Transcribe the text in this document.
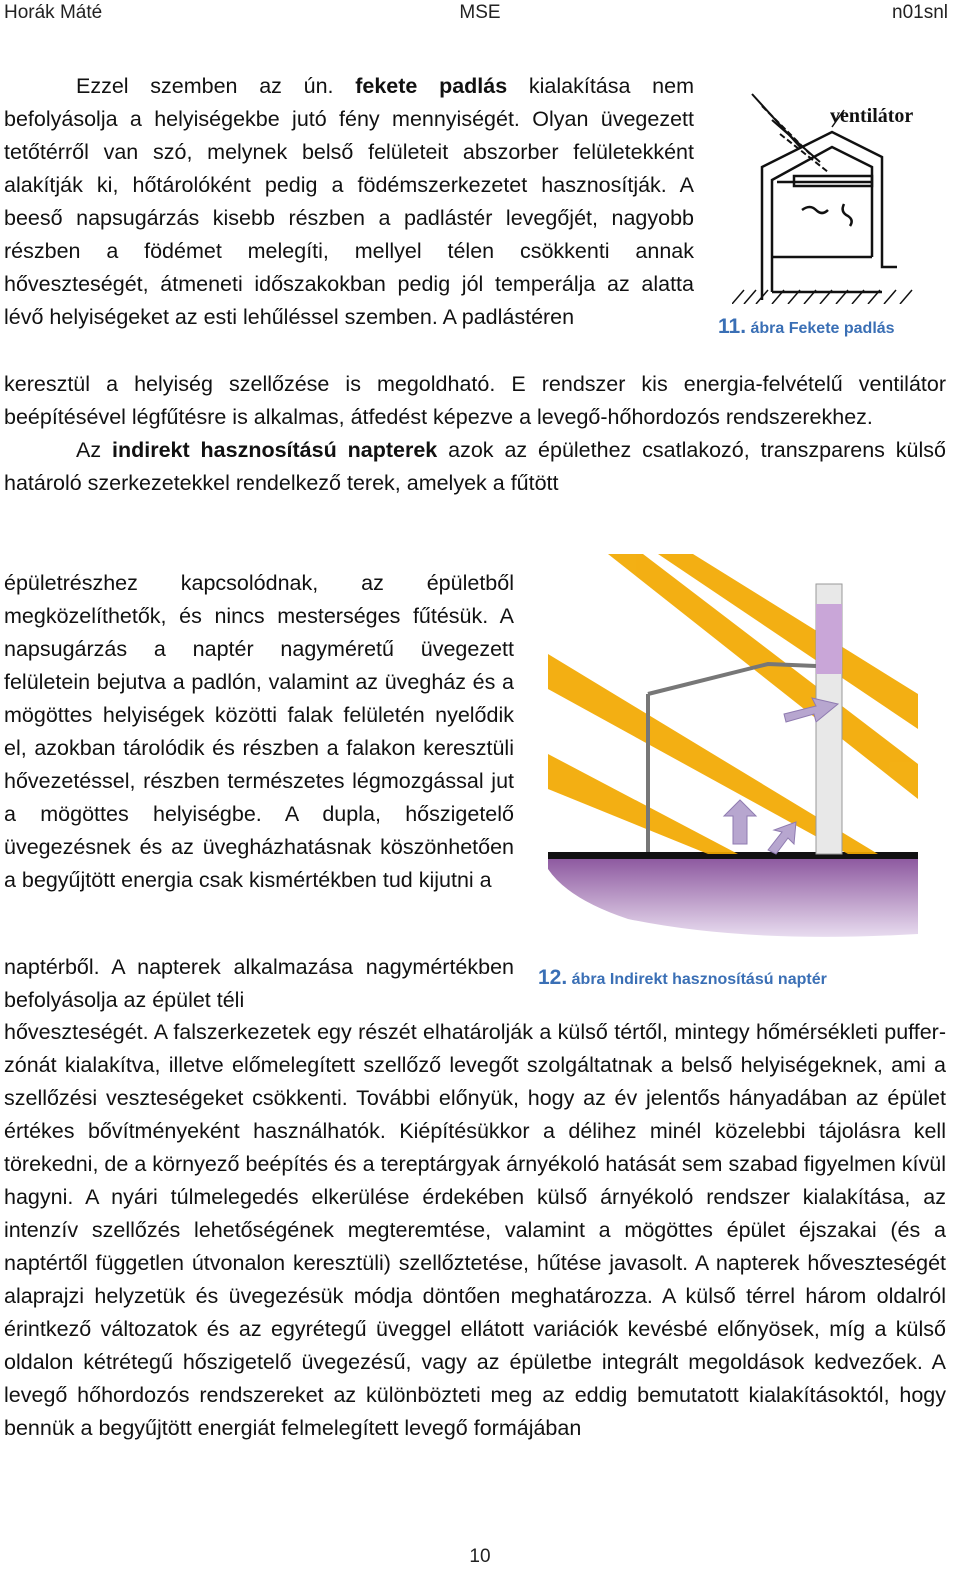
Horák Máté	MSE	n01snl

Ezzel szemben az ún. fekete padlás kialakítása nem befolyásolja a helyiségekbe jutó fény mennyiségét. Olyan üvegezett tetőtérről van szó, melynek belső felületeit abszorber felületekként alakítják ki, hőtárolóként pedig a födémszerkezetet hasznosítják. A beeső napsugárzás kisebb részben a padlástér levegőjét, nagyobb részben a födémet melegíti, mellyel télen csökkenti annak hőveszteségét, átmeneti időszakokban pedig jól temperálja az alatta lévő helyiségeket az esti lehűléssel szemben. A padlástéren

keresztül a helyiség szellőzése is megoldható. E rendszer kis energia-felvételű ventilátor beépítésével légfűtésre is alkalmas, átfedést képezve a levegő-hőhordozós rendszerekhez.

Az indirekt hasznosítású napterek azok az épülethez csatlakozó, transzparens külső határoló szerkezetekkel rendelkező terek, amelyek a fűtött

épületrészhez kapcsolódnak, az épületből megközelíthetők, és nincs mesterséges fűtésük. A napsugárzás a naptér nagyméretű üvegezett felületein bejutva a padlón, valamint az üvegház és a mögöttes helyiségek közötti falak felületén nyelődik el, azokban tárolódik és részben a falakon keresztüli hővezetéssel, részben természetes légmozgással jut a mögöttes helyiségbe. A dupla, hőszigetelő üvegezésnek és az üvegházhatásnak köszönhetően a begyűjtött energia csak kismértékben tud kijutni a

naptérből. A napterek alkalmazása nagymértékben befolyásolja az épület téli

hőveszteségét. A falszerkezetek egy részét elhatárolják a külső tértől, mintegy hőmérsékleti puffer-zónát kialakítva, illetve előmelegített szellőző levegőt szolgáltatnak a belső helyiségeknek, ami a szellőzési veszteségeket csökkenti. További előnyük, hogy az év jelentős hányadában az épület értékes bővítményeként használhatók. Kiépítésükkor a délihez minél közelebbi tájolásra kell törekedni, de a környező beépítés és a tereptárgyak árnyékoló hatását sem szabad figyelmen kívül hagyni. A nyári túlmelegedés elkerülése érdekében külső árnyékoló rendszer kialakítása, az intenzív szellőzés lehetőségének megteremtése, valamint a mögöttes épület éjszakai (és a naptértől független útvonalon keresztüli) szellőztetése, hűtése javasolt. A napterek hőveszteségét alaprajzi helyzetük és üvegezésük módja döntően meghatározza. A külső térrel három oldalról érintkező változatok és az egyrétegű üveggel ellátott variációk kevésbé előnyösek, míg a külső oldalon kétrétegű hőszigetelő üvegezésű, vagy az épületbe integrált megoldások kedvezőek. A levegő hőhordozós rendszereket az különbözteti meg az eddig bemutatott kialakításoktól, hogy bennük a begyűjtött energiát felmelegített levegő formájában

ventilátor
11. ábra Fekete padlás
12. ábra Indirekt hasznosítású naptér
10
